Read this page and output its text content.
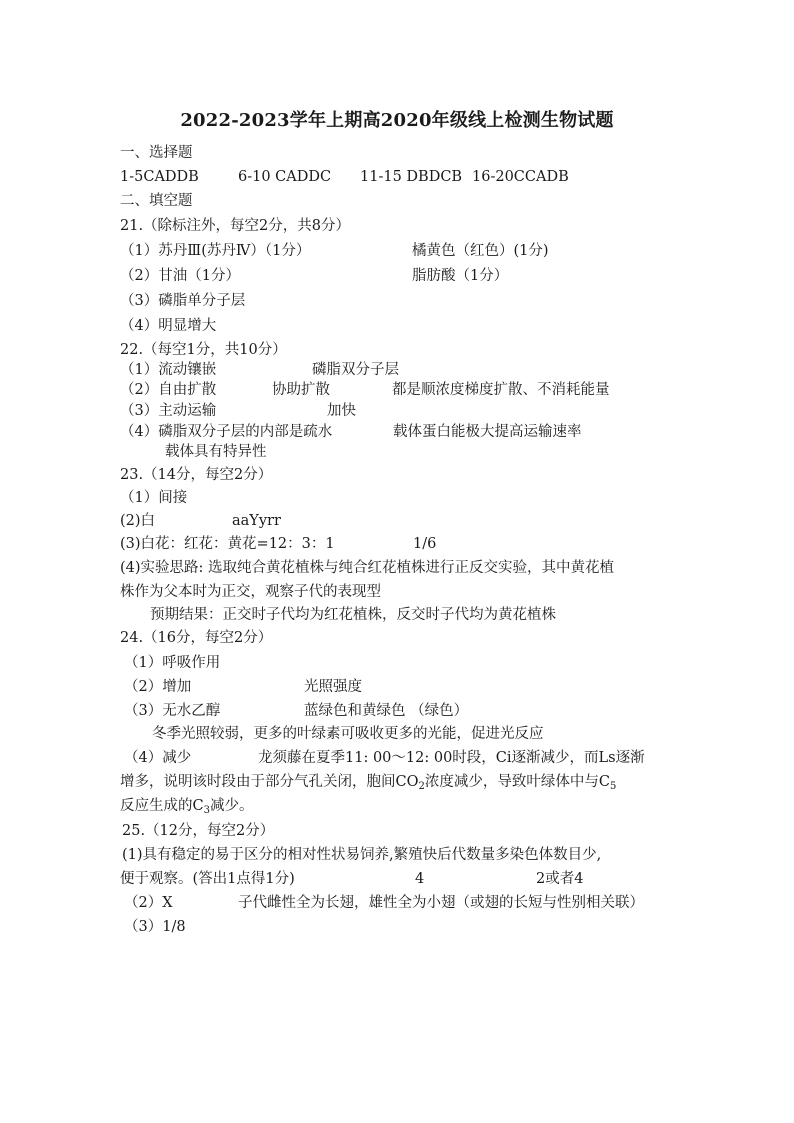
2022-2023学年上期高2020年级线上检测生物试题
一、选择题
1-5CADDB	6-10 CADDC 11-15 DBDCB 16-20CCADB
二、填空题
21.（除标注外，每空2分，共8分）
（1）苏丹Ⅲ(苏丹Ⅳ）（1分）	橘黄色（红色）(1分)
（2）甘油（1分）	脂肪酸（1分）
（3）磷脂单分子层
（4）明显增大
22.（每空1分，共10分）
（1）流动镶嵌	磷脂双分子层
（2）自由扩散	协助扩散	都是顺浓度梯度扩散、不消耗能量
（3）主动运输	加快
（4）磷脂双分子层的内部是疏水	载体蛋白能极大提高运输速率
载体具有特异性
23.（14分，每空2分）
（1）间接
(2)白	aaYyrr
(3)白花：红花：黄花=12：3：1	1/6
(4)实验思路: 选取纯合黄花植株与纯合红花植株进行正反交实验，其中黄花植
株作为父本时为正交，观察子代的表现型
预期结果：正交时子代均为红花植株，反交时子代均为黄花植株
24.（16分，每空2分）
（1）呼吸作用
（2）增加	光照强度
（3）无水乙醇	蓝绿色和黄绿色 （绿色）
冬季光照较弱，更多的叶绿素可吸收更多的光能，促进光反应
（4）减少	龙须藤在夏季11: 00～12: 00时段，Ci逐渐减少，而Ls逐渐
增多，说明该时段由于部分气孔关闭，胞间$CO_2$浓度减少，导致叶绿体中与$C_5$
反应生成的$C_3$减少。
25.（12分，每空2分）
(1)具有稳定的易于区分的相对性状易饲养,繁殖快后代数量多染色体数目少,
便于观察。(答出1点得1分)	4	2或者4
（2）X	子代雌性全为长翅，雄性全为小翅（或翅的长短与性别相关联）
（3）1/8
